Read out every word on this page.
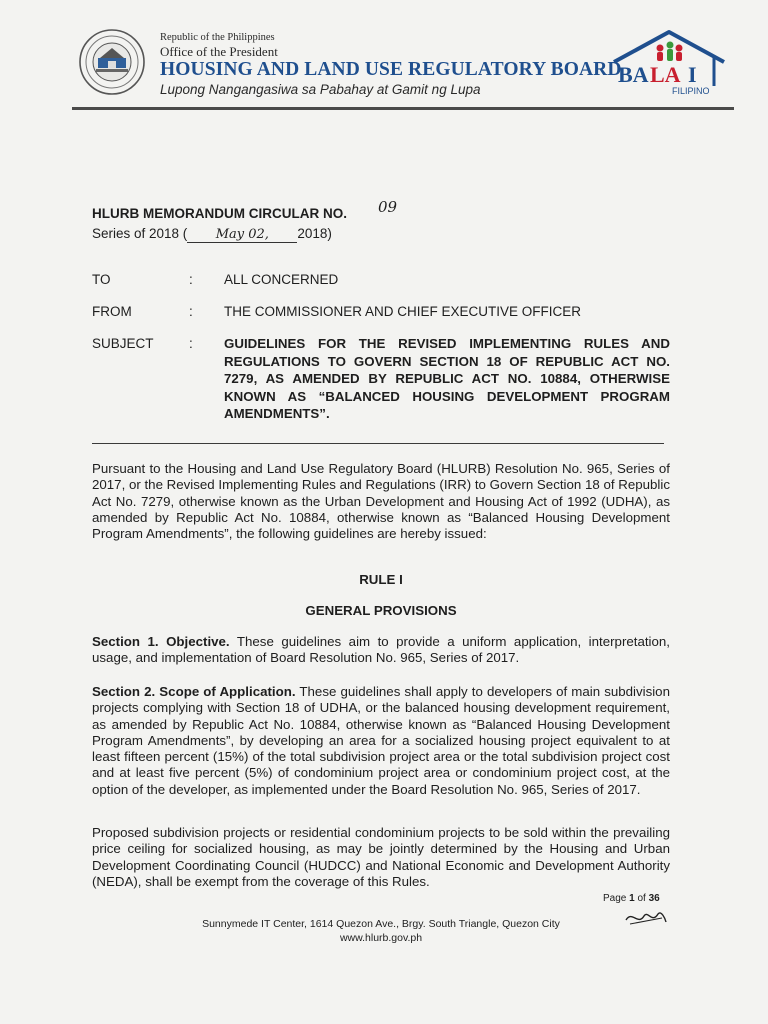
Republic of the Philippines
Office of the President
HOUSING AND LAND USE REGULATORY BOARD
Lupong Nangangasiwa sa Pabahay at Gamit ng Lupa
BA LA I
FILIPINO
HLURB MEMORANDUM CIRCULAR NO. 09
Series of 2018 ( May 02, 2018)
TO	: ALL CONCERNED
FROM	: THE COMMISSIONER AND CHIEF EXECUTIVE OFFICER
SUBJECT	: GUIDELINES FOR THE REVISED IMPLEMENTING RULES AND REGULATIONS TO GOVERN SECTION 18 OF REPUBLIC ACT NO. 7279, AS AMENDED BY REPUBLIC ACT NO. 10884, OTHERWISE KNOWN AS “BALANCED HOUSING DEVELOPMENT PROGRAM AMENDMENTS”.
Pursuant to the Housing and Land Use Regulatory Board (HLURB) Resolution No. 965, Series of 2017, or the Revised Implementing Rules and Regulations (IRR) to Govern Section 18 of Republic Act No. 7279, otherwise known as the Urban Development and Housing Act of 1992 (UDHA), as amended by Republic Act No. 10884, otherwise known as “Balanced Housing Development Program Amendments”, the following guidelines are hereby issued:
RULE I
GENERAL PROVISIONS
Section 1. Objective. These guidelines aim to provide a uniform application, interpretation, usage, and implementation of Board Resolution No. 965, Series of 2017.
Section 2. Scope of Application. These guidelines shall apply to developers of main subdivision projects complying with Section 18 of UDHA, or the balanced housing development requirement, as amended by Republic Act No. 10884, otherwise known as “Balanced Housing Development Program Amendments”, by developing an area for a socialized housing project equivalent to at least fifteen percent (15%) of the total subdivision project area or the total subdivision project cost and at least five percent (5%) of condominium project area or condominium project cost, at the option of the developer, as implemented under the Board Resolution No. 965, Series of 2017.
Proposed subdivision projects or residential condominium projects to be sold within the prevailing price ceiling for socialized housing, as may be jointly determined by the Housing and Urban Development Coordinating Council (HUDCC) and National Economic and Development Authority (NEDA), shall be exempt from the coverage of this Rules.
Page 1 of 36
Sunnymede IT Center, 1614 Quezon Ave., Brgy. South Triangle, Quezon City
www.hlurb.gov.ph
